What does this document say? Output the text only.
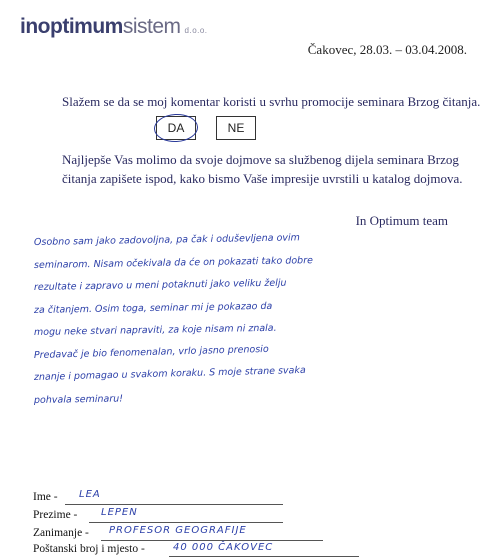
inoptimumsistem d.o.o.
Čakovec, 28.03. – 03.04.2008.
Slažem se da se moj komentar koristi u svrhu promocije seminara Brzog čitanja.
DA	NE
Najljepše Vas molimo da svoje dojmove sa službenog dijela seminara Brzog čitanja zapišete ispod, kako bismo Vaše impresije uvrstili u katalog dojmova.
In Optimum team
Osobno sam jako zadovoljna, pa čak i oduševljena ovim
seminarom. Nisam očekivala da će on pokazati tako dobre
rezultate i zapravo u meni potaknuti jako veliku želju
za čitanjem. Osim toga, seminar mi je pokazao da
mogu neke stvari napraviti, za koje nisam ni znala.
Predavač je bio fenomenalan, vrlo jasno prenosio
znanje i pomagao u svakom koraku. S moje strane svaka
pohvala seminaru!
Ime - LEA
Prezime - LEPEN
Zanimanje - PROFESOR GEOGRAFIJE
Poštanski broj i mjesto -	40 000 ČAKOVEC
